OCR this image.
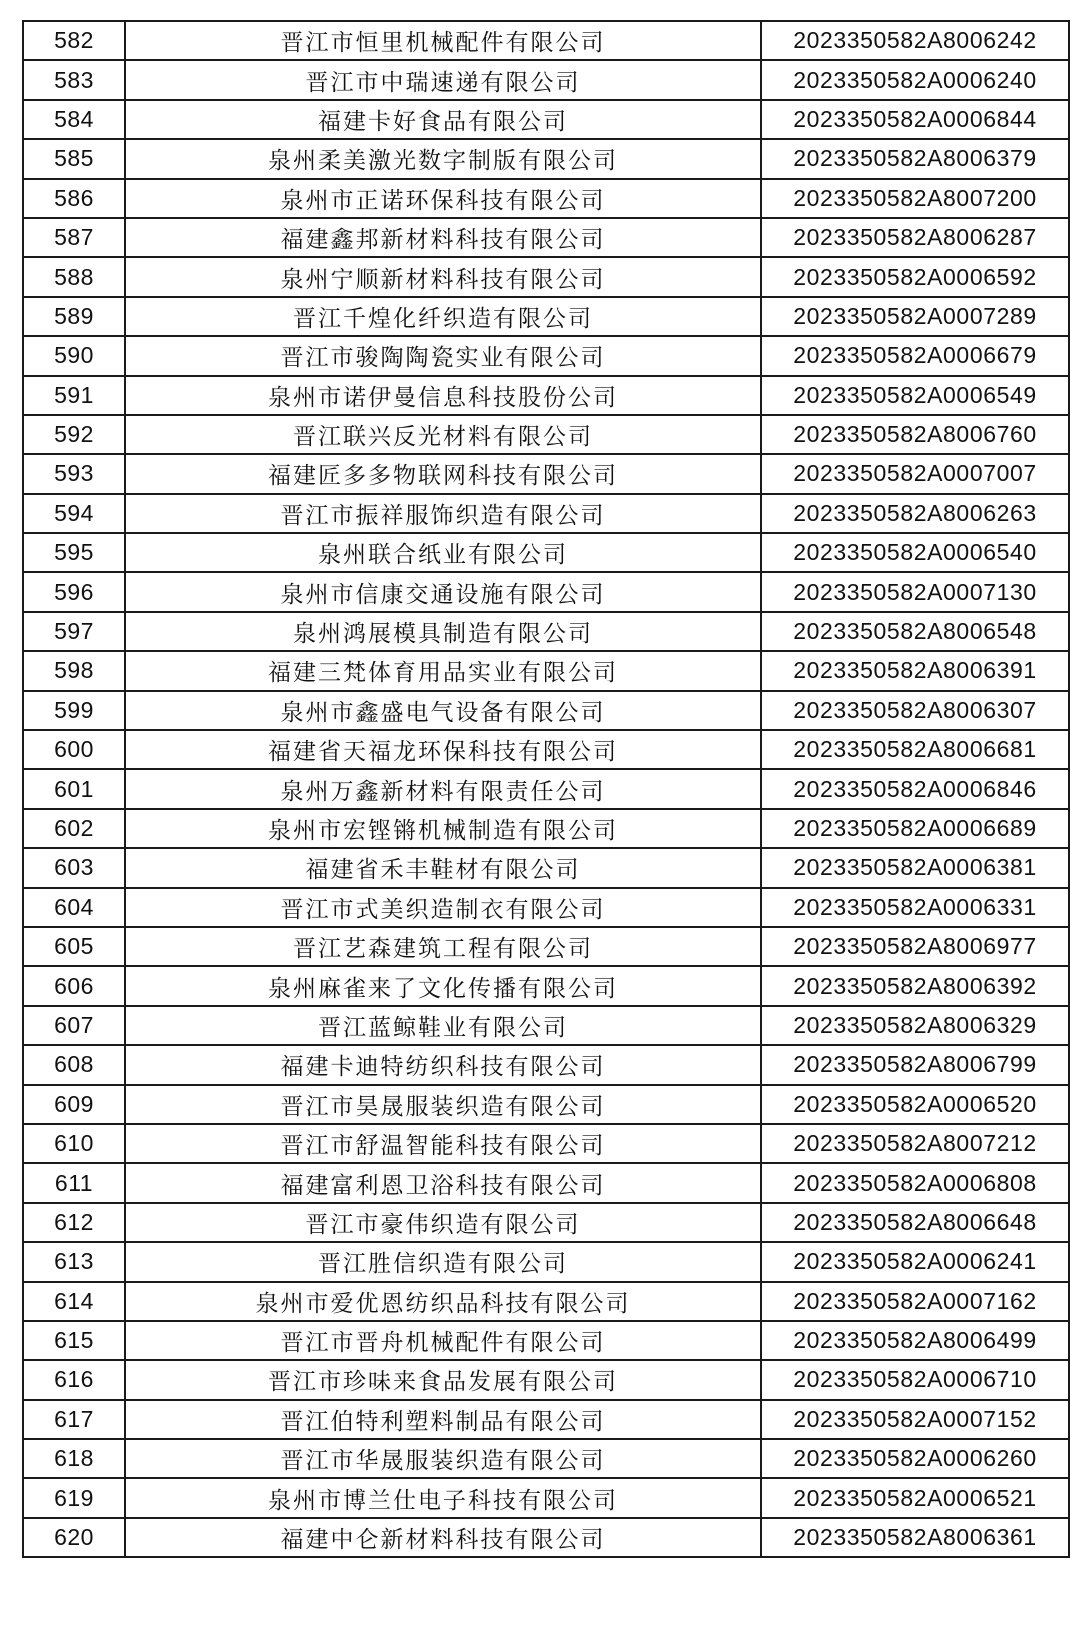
582	晋江市恒里机械配件有限公司	2023350582A8006242
583	晋江市中瑞速递有限公司	2023350582A0006240
584	福建卡好食品有限公司	2023350582A0006844
585	泉州柔美激光数字制版有限公司	2023350582A8006379
586	泉州市正诺环保科技有限公司	2023350582A8007200
587	福建鑫邦新材料科技有限公司	2023350582A8006287
588	泉州宁顺新材料科技有限公司	2023350582A0006592
589	晋江千煌化纤织造有限公司	2023350582A0007289
590	晋江市骏陶陶瓷实业有限公司	2023350582A0006679
591	泉州市诺伊曼信息科技股份公司	2023350582A0006549
592	晋江联兴反光材料有限公司	2023350582A8006760
593	福建匠多多物联网科技有限公司	2023350582A0007007
594	晋江市振祥服饰织造有限公司	2023350582A8006263
595	泉州联合纸业有限公司	2023350582A0006540
596	泉州市信康交通设施有限公司	2023350582A0007130
597	泉州鸿展模具制造有限公司	2023350582A8006548
598	福建三梵体育用品实业有限公司	2023350582A8006391
599	泉州市鑫盛电气设备有限公司	2023350582A8006307
600	福建省天福龙环保科技有限公司	2023350582A8006681
601	泉州万鑫新材料有限责任公司	2023350582A0006846
602	泉州市宏铿锵机械制造有限公司	2023350582A0006689
603	福建省禾丰鞋材有限公司	2023350582A0006381
604	晋江市式美织造制衣有限公司	2023350582A0006331
605	晋江艺森建筑工程有限公司	2023350582A8006977
606	泉州麻雀来了文化传播有限公司	2023350582A8006392
607	晋江蓝鲸鞋业有限公司	2023350582A8006329
608	福建卡迪特纺织科技有限公司	2023350582A8006799
609	晋江市昊晟服装织造有限公司	2023350582A0006520
610	晋江市舒温智能科技有限公司	2023350582A8007212
611	福建富利恩卫浴科技有限公司	2023350582A0006808
612	晋江市豪伟织造有限公司	2023350582A8006648
613	晋江胜信织造有限公司	2023350582A0006241
614	泉州市爱优恩纺织品科技有限公司	2023350582A0007162
615	晋江市晋舟机械配件有限公司	2023350582A8006499
616	晋江市珍味来食品发展有限公司	2023350582A0006710
617	晋江伯特利塑料制品有限公司	2023350582A0007152
618	晋江市华晟服装织造有限公司	2023350582A0006260
619	泉州市博兰仕电子科技有限公司	2023350582A0006521
620	福建中仑新材料科技有限公司	2023350582A8006361
